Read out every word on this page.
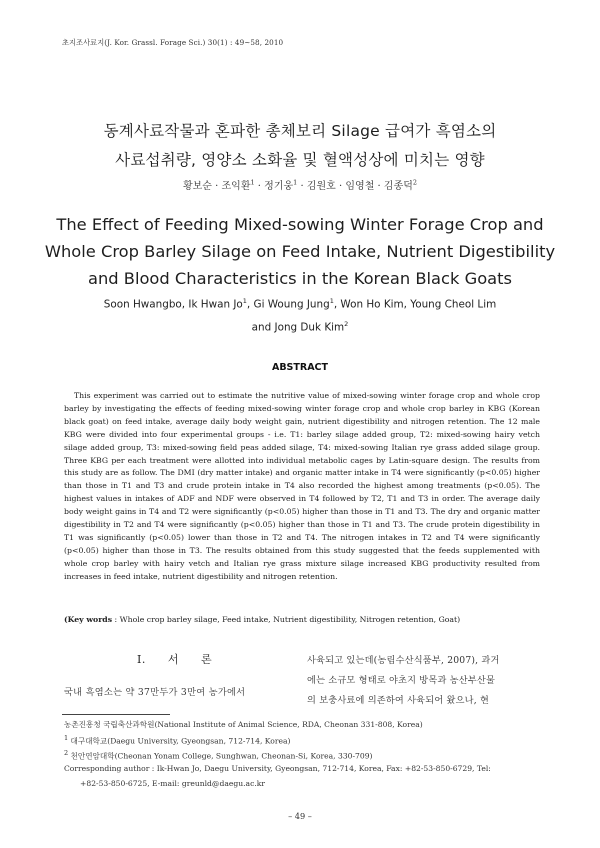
초지조사료지(J. Kor. Grassl. Forage Sci.) 30(1) : 49~58, 2010
동계사료작물과 혼파한 총체보리 Silage 급여가 흑염소의
사료섭취량, 영양소 소화율 및 혈액성상에 미치는 영향
황보순 · 조익환$^1$ · 정기웅$^1$ · 김원호 · 임영철 · 김종덕$^2$
The Effect of Feeding Mixed-sowing Winter Forage Crop and
Whole Crop Barley Silage on Feed Intake, Nutrient Digestibility
and Blood Characteristics in the Korean Black Goats
Soon Hwangbo, Ik Hwan Jo$^1$, Gi Woung Jung$^1$, Won Ho Kim, Young Cheol Lim
and Jong Duk Kim$^2$
ABSTRACT
This experiment was carried out to estimate the nutritive value of mixed-sowing winter forage crop and whole crop barley by investigating the effects of feeding mixed-sowing winter forage crop and whole crop barley in KBG (Korean black goat) on feed intake, average daily body weight gain, nutrient digestibility and nitrogen retention. The 12 male KBG were divided into four experimental groups - i.e. T1: barley silage added group, T2: mixed-sowing hairy vetch silage added group, T3: mixed-sowing field peas added silage, T4: mixed-sowing Italian rye grass added silage group. Three KBG per each treatment were allotted into individual metabolic cages by Latin-square design. The results from this study are as follow. The DMI (dry matter intake) and organic matter intake in T4 were significantly (p<0.05) higher than those in T1 and T3 and crude protein intake in T4 also recorded the highest among treatments (p<0.05). The highest values in intakes of ADF and NDF were observed in T4 followed by T2, T1 and T3 in order. The average daily body weight gains in T4 and T2 were significantly (p<0.05) higher than those in T1 and T3. The dry and organic matter digestibility in T2 and T4 were significantly (p<0.05) higher than those in T1 and T3. The crude protein digestibility in T1 was significantly (p<0.05) lower than those in T2 and T4. The nitrogen intakes in T2 and T4 were significantly (p<0.05) higher than those in T3. The results obtained from this study suggested that the feeds supplemented with whole crop barley with hairy vetch and Italian rye grass mixture silage increased KBG productivity resulted from increases in feed intake, nutrient digestibility and nitrogen retention.
(Key words : Whole crop barley silage, Feed intake, Nutrient digestibility, Nitrogen retention, Goat)
Ⅰ. 서 론
국내 흑염소는 약 37만두가 3만여 농가에서
사육되고 있는데(농림수산식품부, 2007), 과거
에는 소규모 형태로 야초지 방목과 농산부산물
의 보충사료에 의존하여 사육되어 왔으나, 현
농촌진흥청 국립축산과학원(National Institute of Animal Science, RDA, Cheonan 331-808, Korea)
$^1$ 대구대학교(Daegu University, Gyeongsan, 712-714, Korea)
$^2$ 천안연암대학(Cheonan Yonam College, Sunghwan, Cheonan-Si, Korea, 330-709)
Corresponding author : Ik-Hwan Jo, Daegu University, Gyeongsan, 712-714, Korea, Fax: +82-53-850-6729, Tel:
+82-53-850-6725, E-mail: greunld@daegu.ac.kr
– 49 –
